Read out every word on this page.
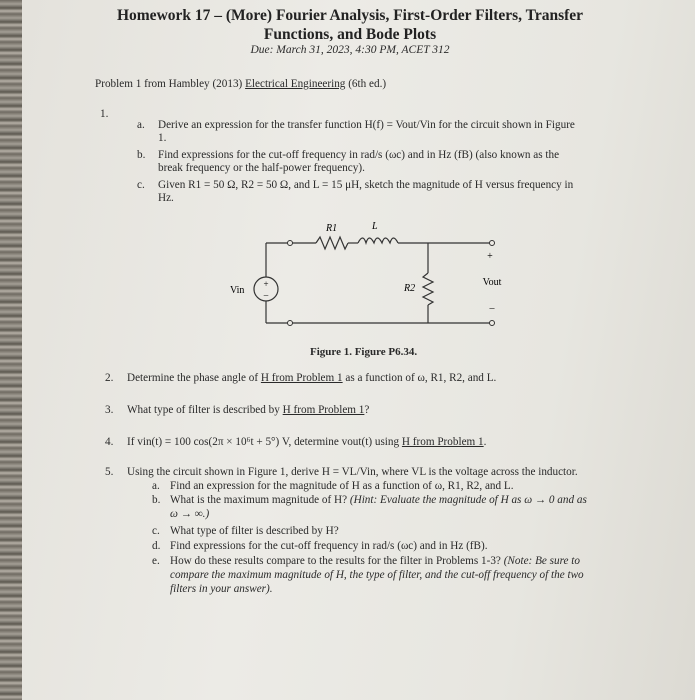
Homework 17 – (More) Fourier Analysis, First-Order Filters, Transfer
Functions, and Bode Plots
Due: March 31, 2023, 4:30 PM, ACET 312
Problem 1 from Hambley (2013) Electrical Engineering (6th ed.)
1.
a. Derive an expression for the transfer function H(f) = Vout/Vin for the circuit shown in Figure
1.
b. Find expressions for the cut-off frequency in rad/s (ωc) and in Hz (fB) (also known as the
break frequency or the half-power frequency).
c. Given R1 = 50 Ω, R2 = 50 Ω, and L = 15 μH, sketch the magnitude of H versus frequency in
Hz.
+
–
R1	L
R2
Vin
+
Vout
–
Figure 1. Figure P6.34.
2. Determine the phase angle of H from Problem 1 as a function of ω, R1, R2, and L.
3. What type of filter is described by H from Problem 1?
4. If vin(t) = 100 cos(2π × 10⁶t + 5°) V, determine vout(t) using H from Problem 1.
5. Using the circuit shown in Figure 1, derive H = VL/Vin, where VL is the voltage across the inductor.
a. Find an expression for the magnitude of H as a function of ω, R1, R2, and L.
b. What is the maximum magnitude of H? (Hint: Evaluate the magnitude of H as ω → 0 and as
ω → ∞.)
c. What type of filter is described by H?
d. Find expressions for the cut-off frequency in rad/s (ωc) and in Hz (fB).
e. How do these results compare to the results for the filter in Problems 1-3? (Note: Be sure to
compare the maximum magnitude of H, the type of filter, and the cut-off frequency of the two
filters in your answer).
